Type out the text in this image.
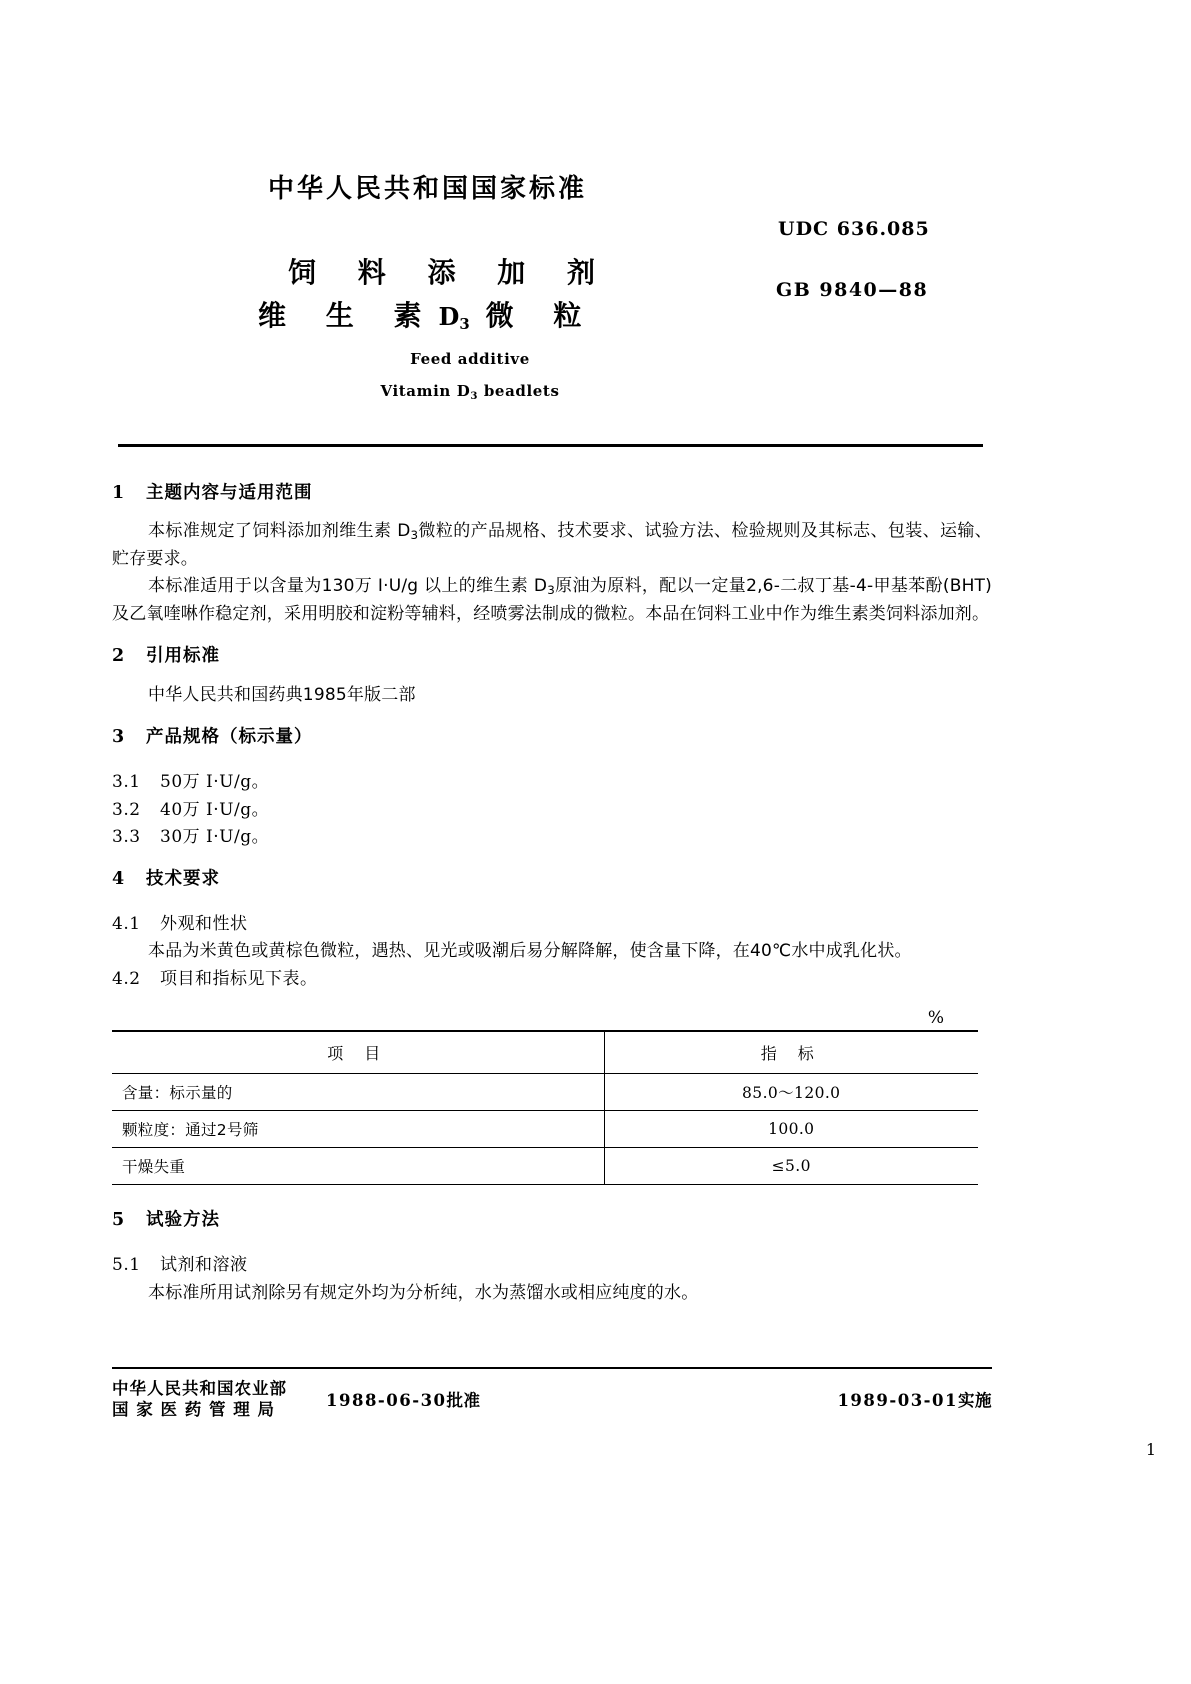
中华人民共和国国家标准
UDC 636.085
GB 9840—88
饲 料 添 加 剂
维 生 素 $D_3$ 微 粒
Feed additive
Vitamin $D_3$ beadlets
1 主题内容与适用范围

本标准规定了饲料添加剂维生素 D3微粒的产品规格、技术要求、试验方法、检验规则及其标志、包装、运输、贮存要求。

本标准适用于以含量为130万 I·U/g 以上的维生素 D3原油为原料，配以一定量2,6-二叔丁基-4-甲基苯酚(BHT)及乙氧喹啉作稳定剂，采用明胶和淀粉等辅料，经喷雾法制成的微粒。本品在饲料工业中作为维生素类饲料添加剂。

2 引用标准

中华人民共和国药典1985年版二部

3 产品规格（标示量）
3.1 50万 I·U/g。
3.2 40万 I·U/g。
3.3 30万 I·U/g。
4 技术要求
4.1 外观和性状

本品为米黄色或黄棕色微粒，遇热、见光或吸潮后易分解降解，使含量下降，在40℃水中成乳化状。

4.2 项目和指标见下表。
%
项 目	指 标
含量：标示量的	85.0～120.0
颗粒度：通过2号筛	100.0
干燥失重	≤5.0
5 试验方法
5.1 试剂和溶液

本标准所用试剂除另有规定外均为分析纯，水为蒸馏水或相应纯度的水。

中华人民共和国农业部
国 家 医 药 管 理 局	1988-06-30批准	1989-03-01实施
1
